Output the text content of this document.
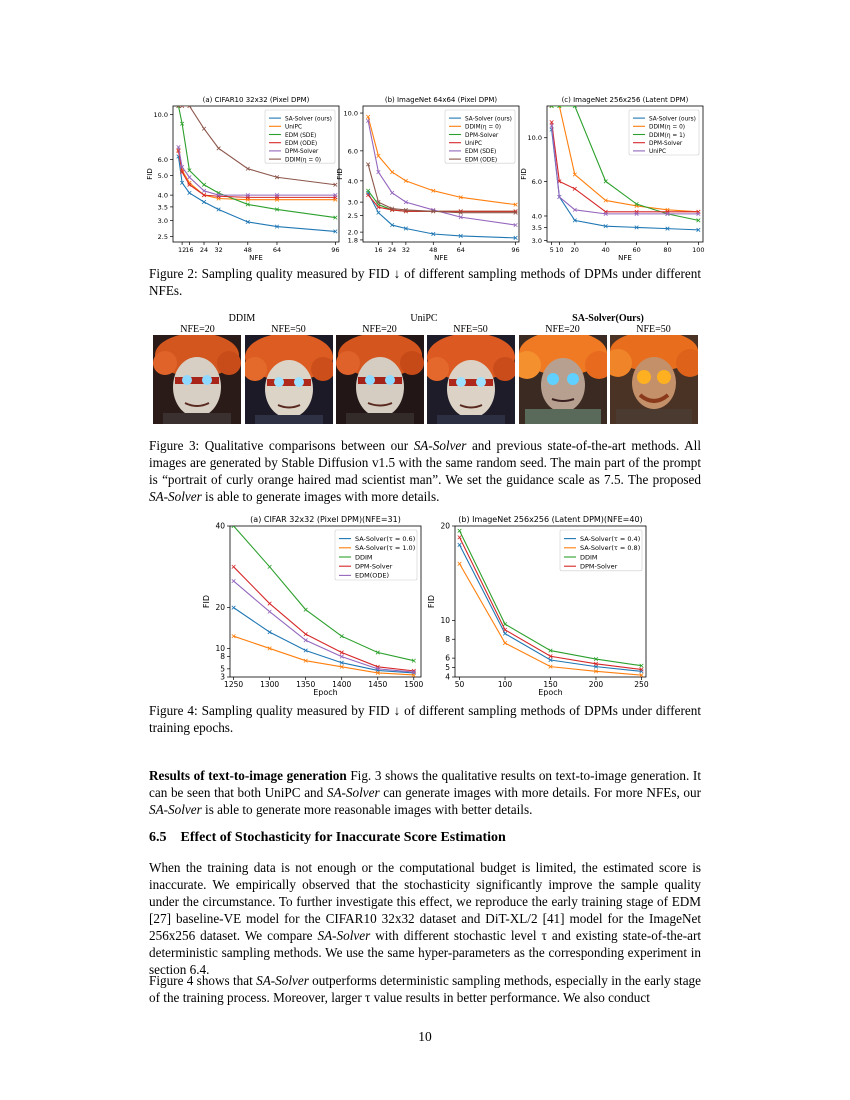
(a) CIFAR10 32x32 (Pixel DPM)
12 16 24 32	48	64	96
2.5
3.0
3.5
4.0
5.0
6.0
10.0
NFE
FID
SA-Solver (ours)
UniPC
EDM (SDE)
EDM (ODE)
DPM-Solver
DDIM(η = 0)
(b) ImageNet 64x64 (Pixel DPM)
16 24 32	48	64	96
1.8
2.0
2.5
3.0
4.0
6.0
10.0
NFE
FID
SA-Solver (ours)
DDIM(η = 0)
DPM-Solver
UniPC
EDM (SDE)
EDM (ODE)
(c) ImageNet 256x256 (Latent DPM)
5 10 20	40	60	80	100
3.0
3.5
4.0
6.0
10.0
NFE
FID
SA-Solver (ours)
DDIM(η = 0)
DDIM(η = 1)
DPM-Solver
UniPC

Figure 2: Sampling quality measured by FID ↓ of different sampling methods of DPMs under different NFEs.

DDIM	UniPC	SA-Solver(Ours)
NFE=20	NFE=50	NFE=20	NFE=50	NFE=20	NFE=50

Figure 3: Qualitative comparisons between our SA-Solver and previous state-of-the-art methods. All images are generated by Stable Diffusion v1.5 with the same random seed. The main part of the prompt is “portrait of curly orange haired mad scientist man”. We set the guidance scale as 7.5. The proposed SA-Solver is able to generate images with more details.

(a) CIFAR 32x32 (Pixel DPM)(NFE=31)
1250 1300 1350 1400 1450 1500
3
5
8
10
20
40
Epoch
FID
SA-Solver(τ = 0.6)
SA-Solver(τ = 1.0)
DDIM
DPM-Solver
EDM(ODE)
(b) ImageNet 256x256 (Latent DPM)(NFE=40)
50	100	150	200	250
4
5
6
8
10
20
Epoch
FID
SA-Solver(τ = 0.4)
SA-Solver(τ = 0.8)
DDIM
DPM-Solver

Figure 4: Sampling quality measured by FID ↓ of different sampling methods of DPMs under different training epochs.

Results of text-to-image generation Fig. 3 shows the qualitative results on text-to-image generation. It can be seen that both UniPC and SA-Solver can generate images with more details. For more NFEs, our SA-Solver is able to generate more reasonable images with better details.

6.5 Effect of Stochasticity for Inaccurate Score Estimation

When the training data is not enough or the computational budget is limited, the estimated score is inaccurate. We empirically observed that the stochasticity significantly improve the sample quality under the circumstance. To further investigate this effect, we reproduce the early training stage of EDM [27] baseline-VE model for the CIFAR10 32x32 dataset and DiT-XL/2 [41] model for the ImageNet 256x256 dataset. We compare SA-Solver with different stochastic level τ and existing state-of-the-art deterministic sampling methods. We use the same hyper-parameters as the corresponding experiment in section 6.4.

Figure 4 shows that SA-Solver outperforms deterministic sampling methods, especially in the early stage of the training process. Moreover, larger τ value results in better performance. We also conduct

10
